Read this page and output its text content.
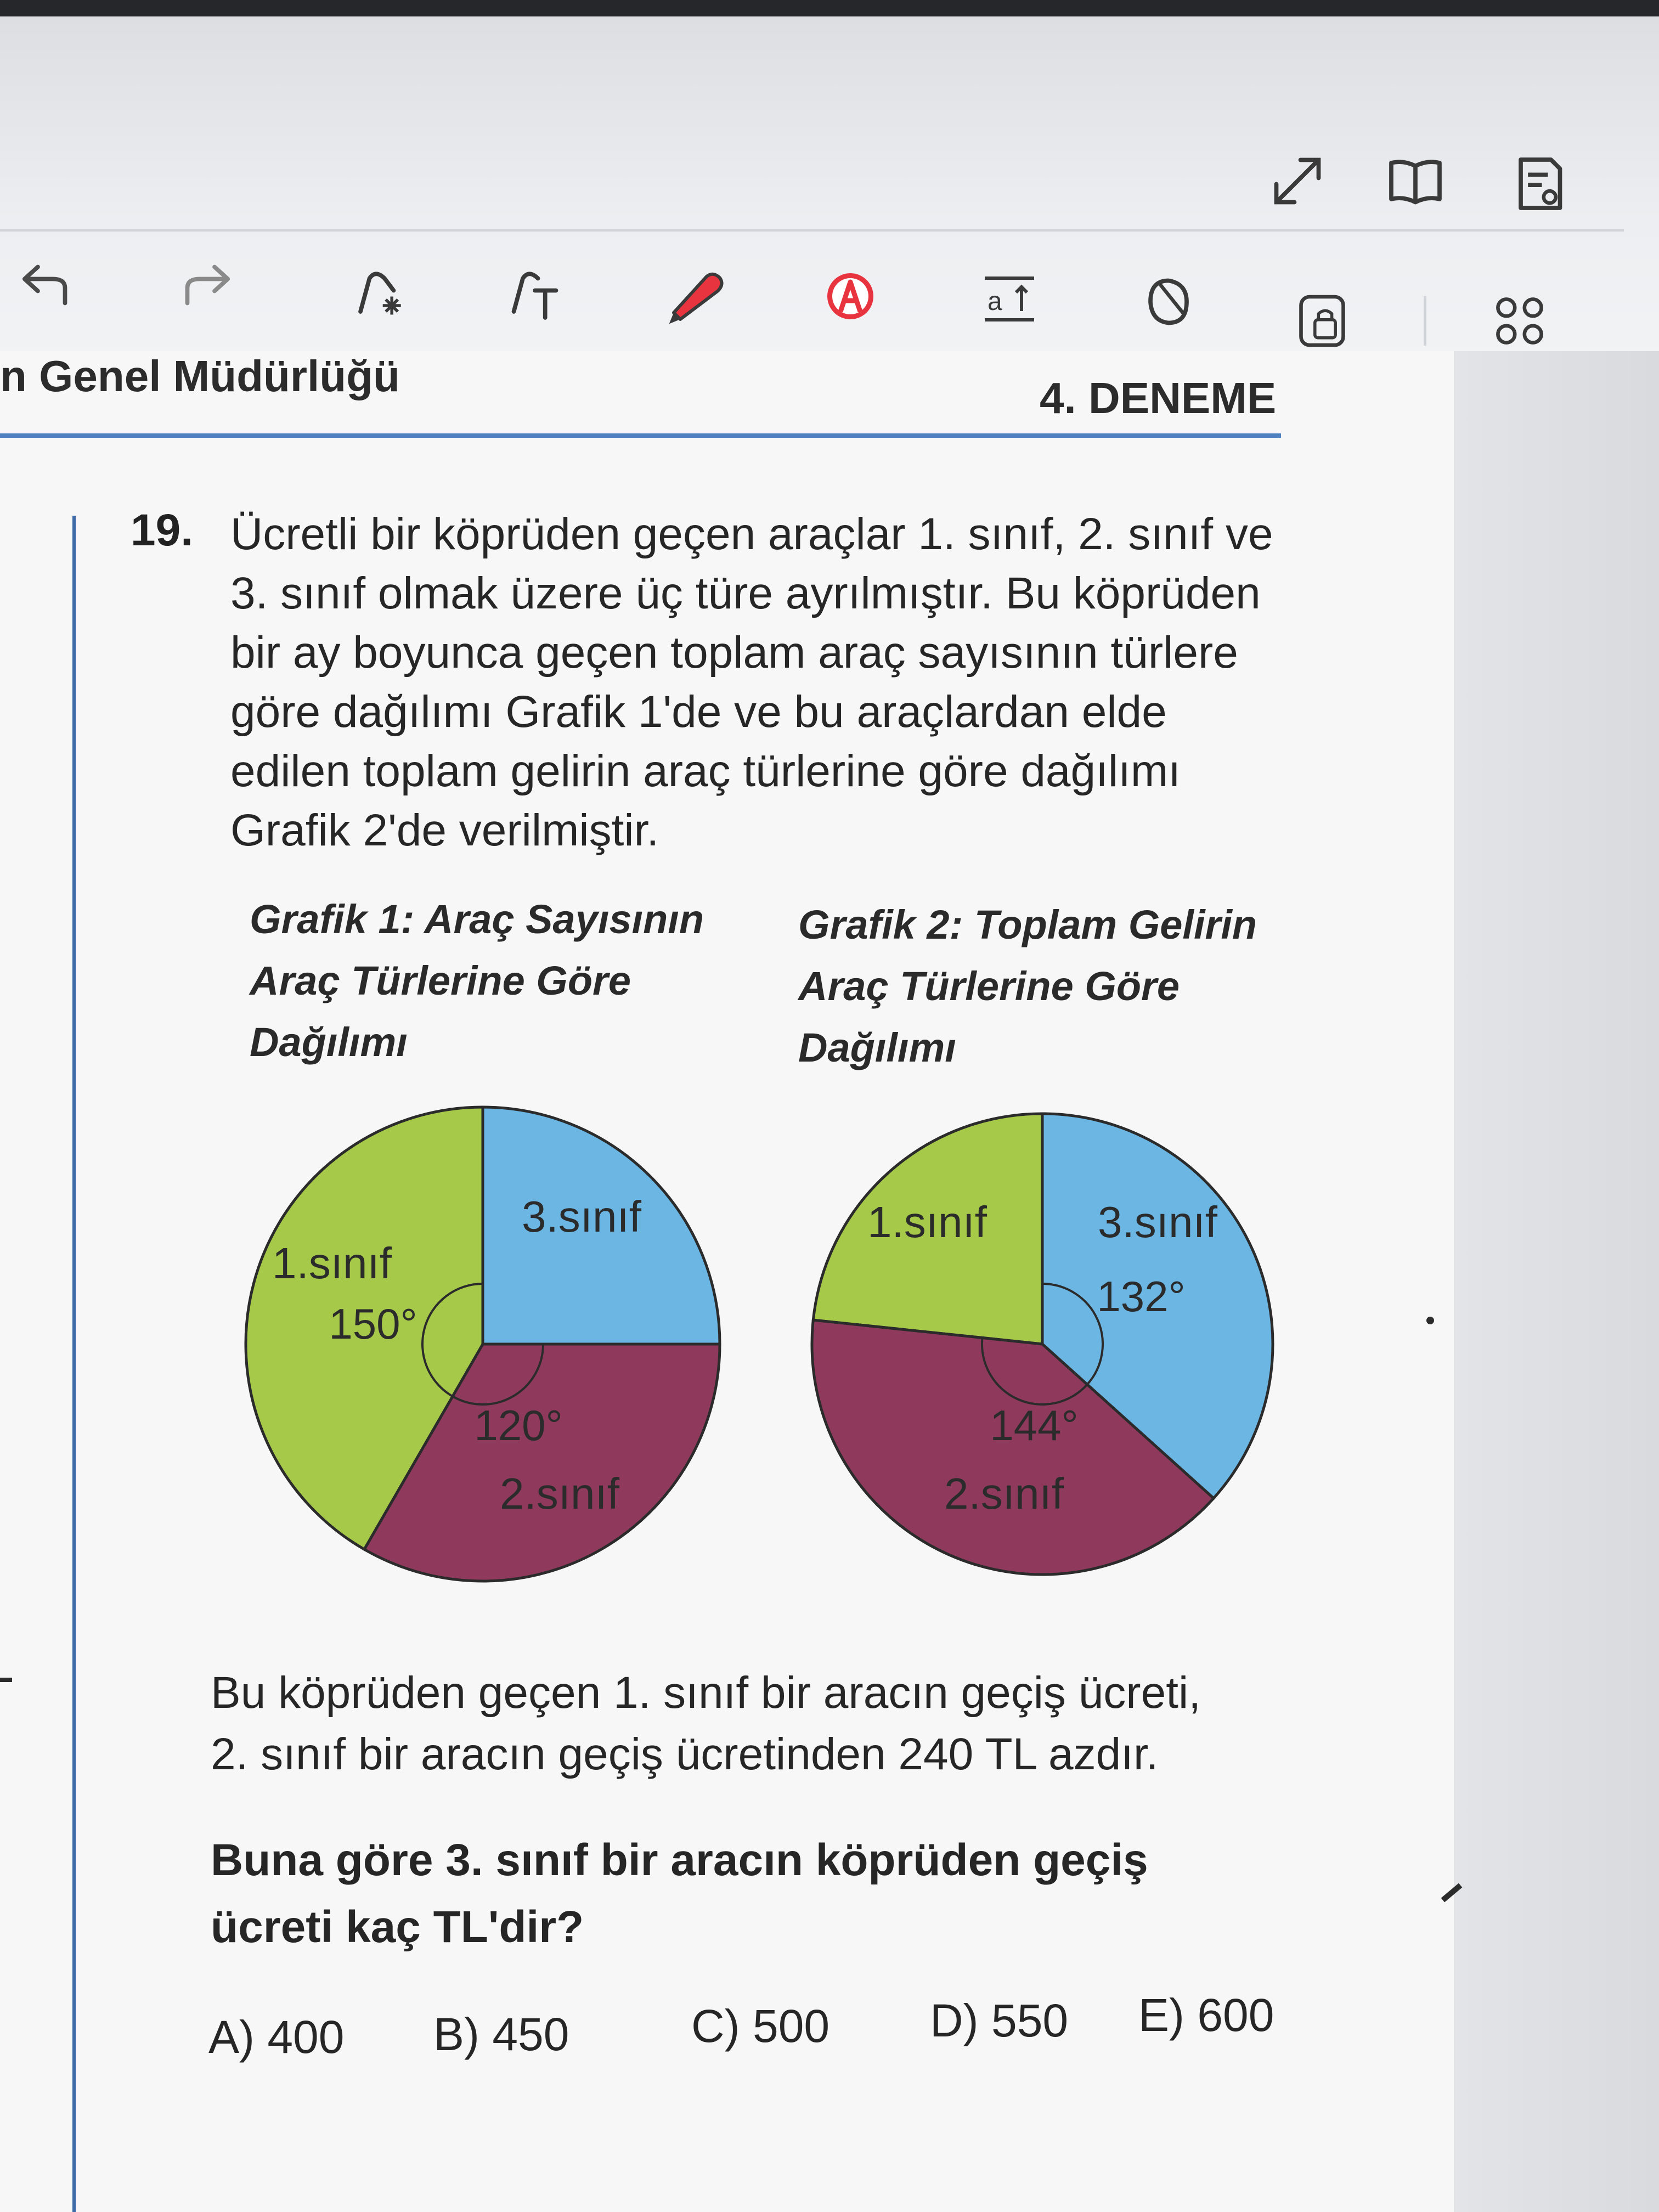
a
n Genel Müdürlüğü	4. DENEME
19. Ücretli bir köprüden geçen araçlar 1. sınıf, 2. sınıf ve
3. sınıf olmak üzere üç türe ayrılmıştır. Bu köprüden
bir ay boyunca geçen toplam araç sayısının türlere
göre dağılımı Grafik 1'de ve bu araçlardan elde
edilen toplam gelirin araç türlerine göre dağılımı
Grafik 2'de verilmiştir.
Grafik 1: Araç Sayısının
Araç Türlerine Göre
Dağılımı
Grafik 2: Toplam Gelirin
Araç Türlerine Göre
Dağılımı
3.sınıf
2.sınıf
120°
1.sınıf
150°
1.sınıf	3.sınıf
132°
2.sınıf
144°
Bu köprüden geçen 1. sınıf bir aracın geçiş ücreti,
2. sınıf bir aracın geçiş ücretinden 240 TL azdır.
Buna göre 3. sınıf bir aracın köprüden geçiş
ücreti kaç TL'dir?
A) 400 B) 450	C) 500 D) 550 E) 600
